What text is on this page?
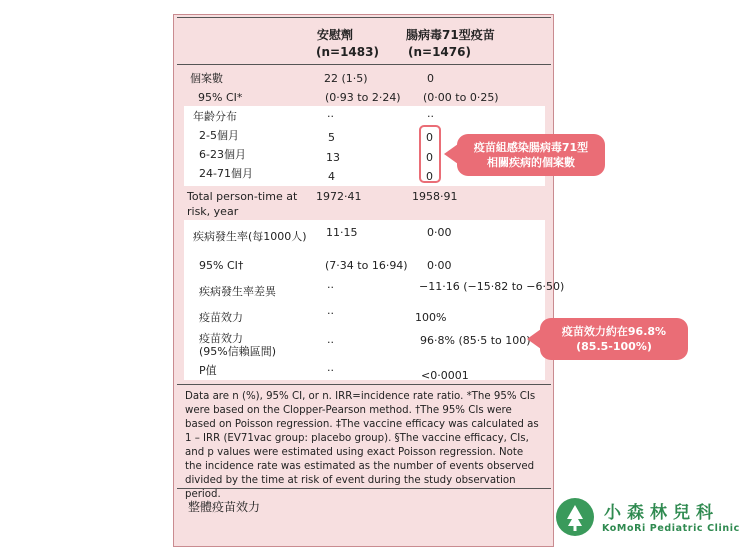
安慰劑
(n=1483)
腸病毒71型疫苗
(n=1476)
個案數	22 (1·5)	0
95% CI*	(0·93 to 2·24) (0·00 to 0·25)
年齡分布	··	··
2-5個月	5	0
6-23個月	13	0
24-71個月	4	0
Total person-time at
risk, year
1972·41	1958·91
疾病發生率(每1000人) 11·15	0·00
95% CI†	(7·34 to 16·94) 0·00
疾病發生率差異	··	−11·16 (−15·82 to −6·50)
疫苗效力	··	100%
疫苗效力
(95%信賴區間)
··	96·8% (85·5 to 100)
P值	··	<0·0001
Data are n (%), 95% CI, or n. IRR=incidence rate ratio. *The 95% CIs were based on the Clopper-Pearson method. †The 95% CIs were based on Poisson regression. ‡The vaccine efficacy was calculated as 1 – IRR (EV71vac group: placebo group). §The vaccine efficacy, CIs, and p values were estimated using exact Poisson regression. Note the incidence rate was estimated as the number of events observed divided by the time at risk of event during the study observation period.
整體疫苗效力
疫苗組感染腸病毒71型
相關疾病的個案數
疫苗效力約在96.8%
(85.5-100%)
小森林兒科
KoMoRi Pediatric Clinic
